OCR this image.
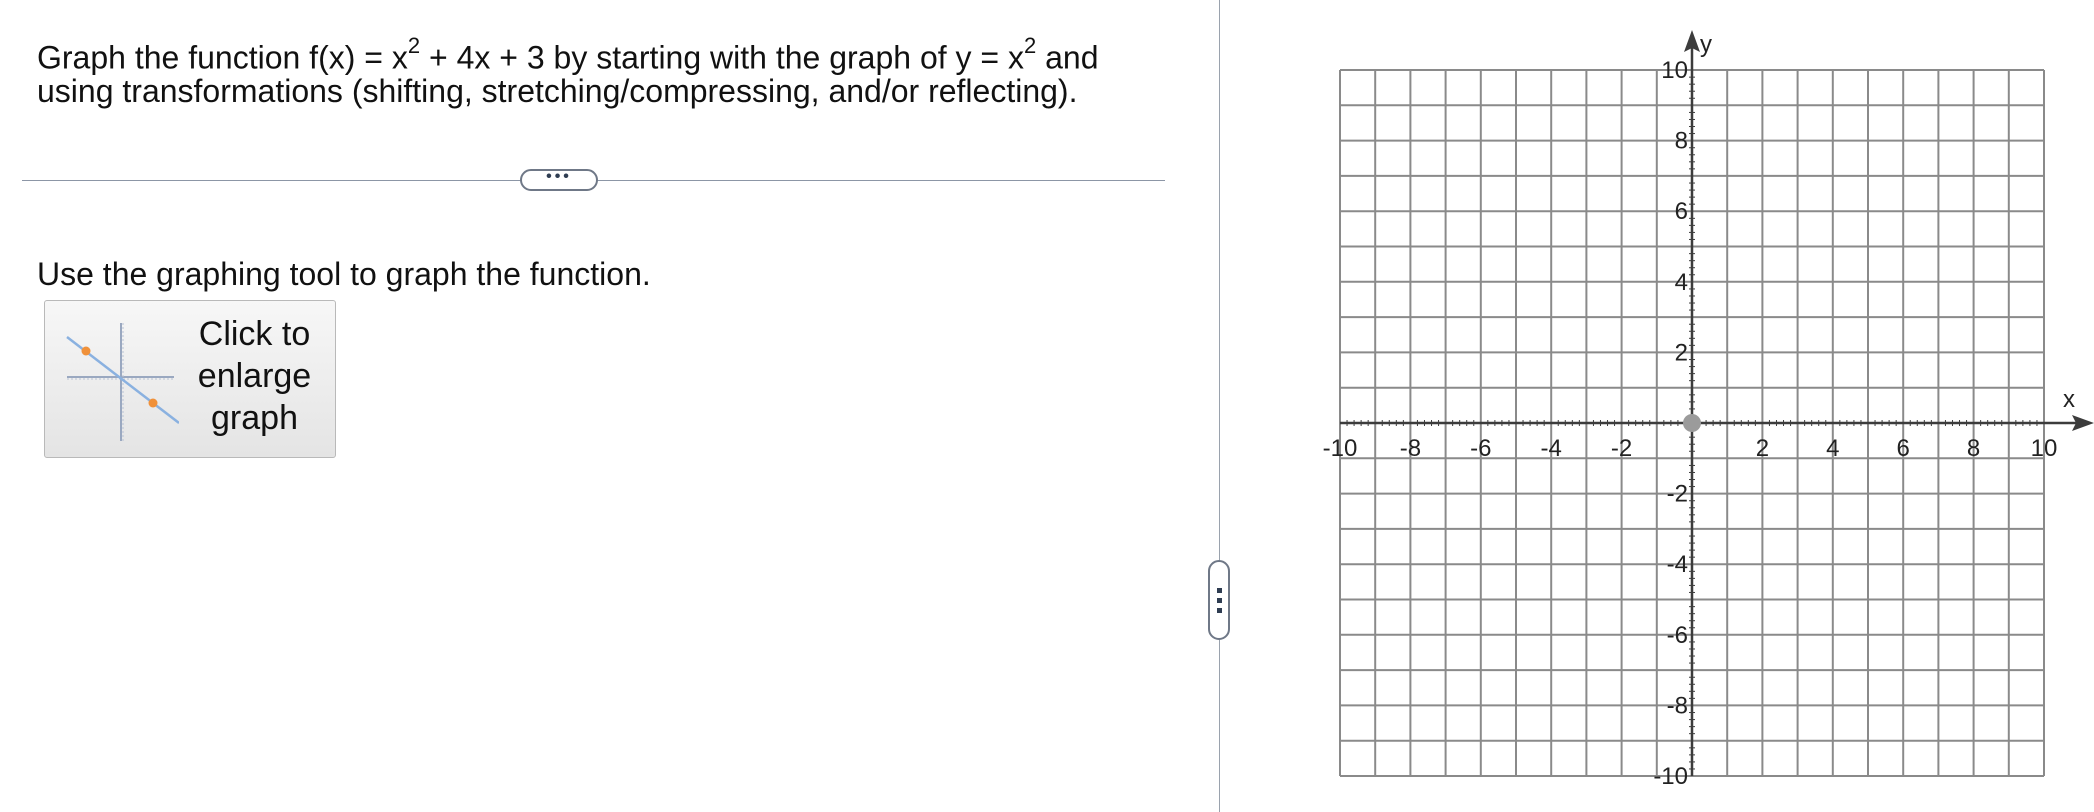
Graph the function $f(x) = x^2 + 4x + 3$ by starting with the graph of $y = x^2$ and
using transformations (shifting, stretching/compressing, and/or reflecting).
•••
Use the graphing tool to graph the function.
Click to
enlarge
graph
-10 -8 -6 -4 -2	2 4 6 8 10
-10
-8
-6
-4
-2
2
4
6
8
10
x
y
